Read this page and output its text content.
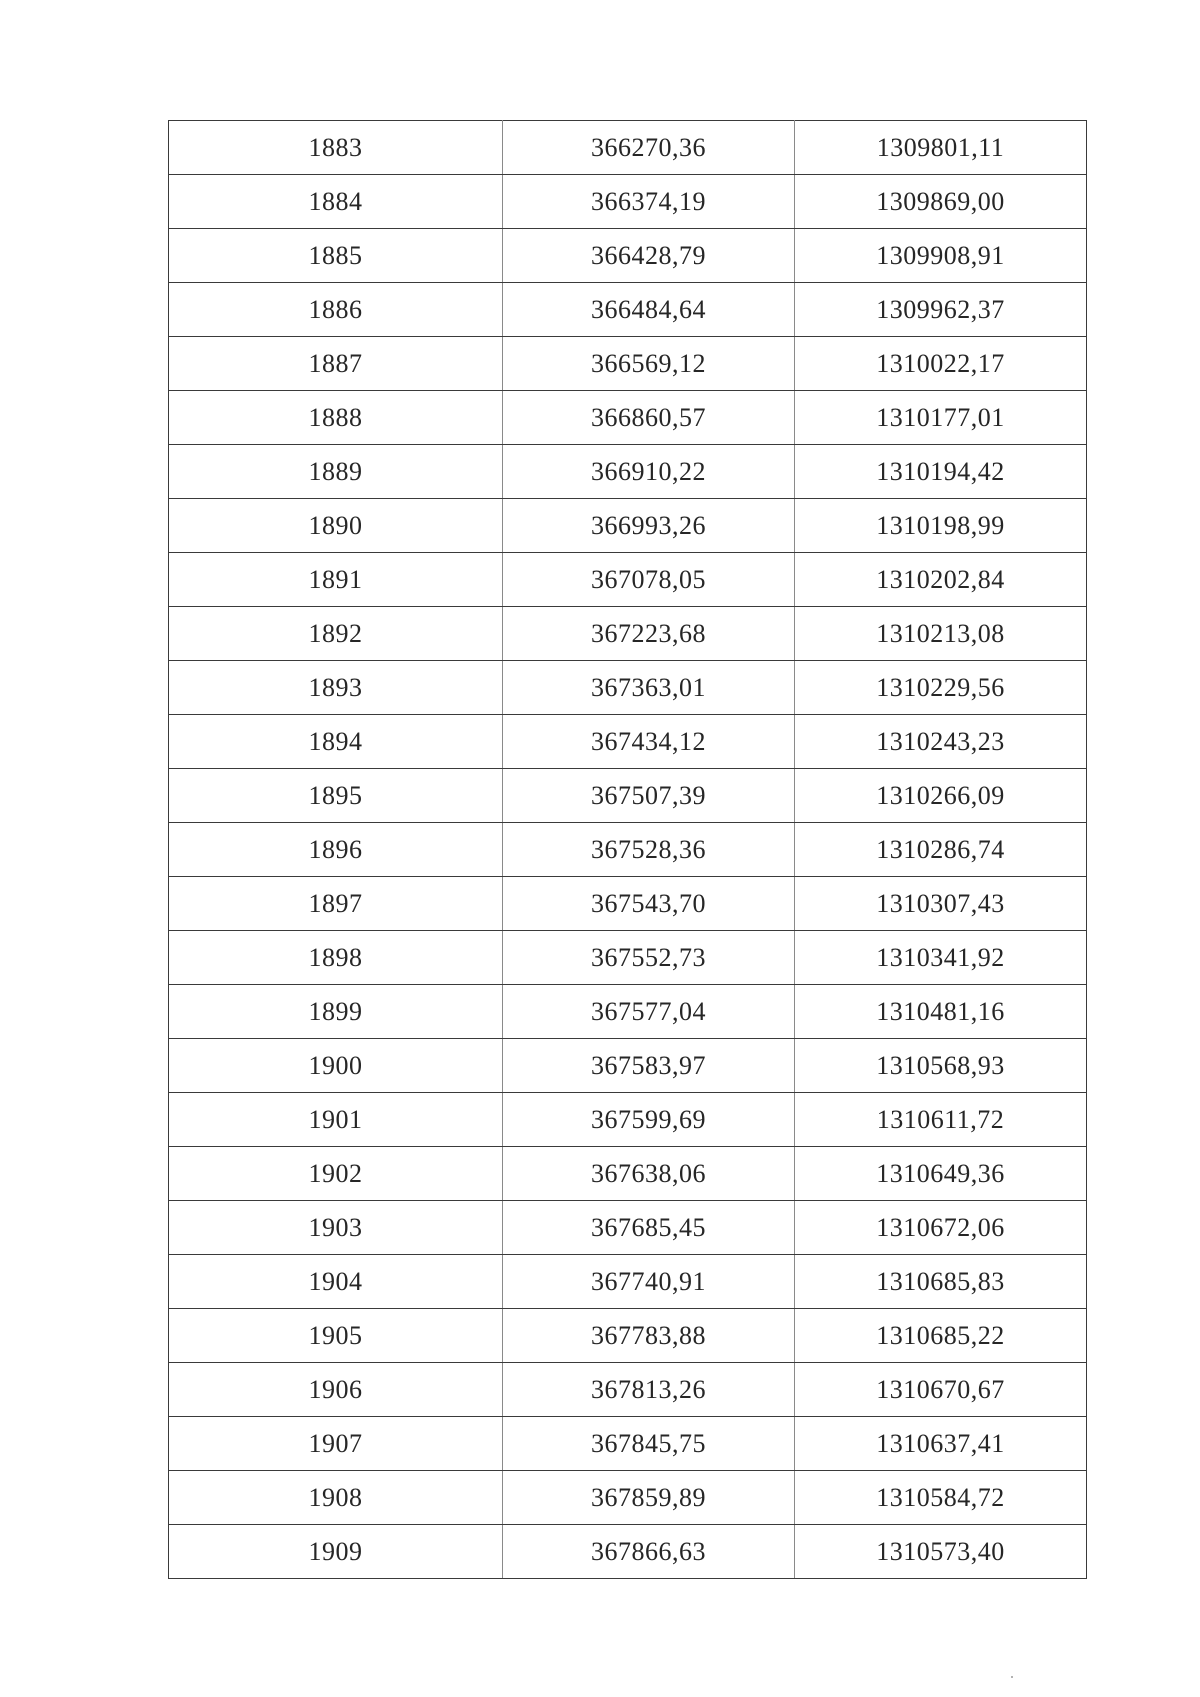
1883	366270,36	1309801,11
1884	366374,19	1309869,00
1885	366428,79	1309908,91
1886	366484,64	1309962,37
1887	366569,12	1310022,17
1888	366860,57	1310177,01
1889	366910,22	1310194,42
1890	366993,26	1310198,99
1891	367078,05	1310202,84
1892	367223,68	1310213,08
1893	367363,01	1310229,56
1894	367434,12	1310243,23
1895	367507,39	1310266,09
1896	367528,36	1310286,74
1897	367543,70	1310307,43
1898	367552,73	1310341,92
1899	367577,04	1310481,16
1900	367583,97	1310568,93
1901	367599,69	1310611,72
1902	367638,06	1310649,36
1903	367685,45	1310672,06
1904	367740,91	1310685,83
1905	367783,88	1310685,22
1906	367813,26	1310670,67
1907	367845,75	1310637,41
1908	367859,89	1310584,72
1909	367866,63	1310573,40
